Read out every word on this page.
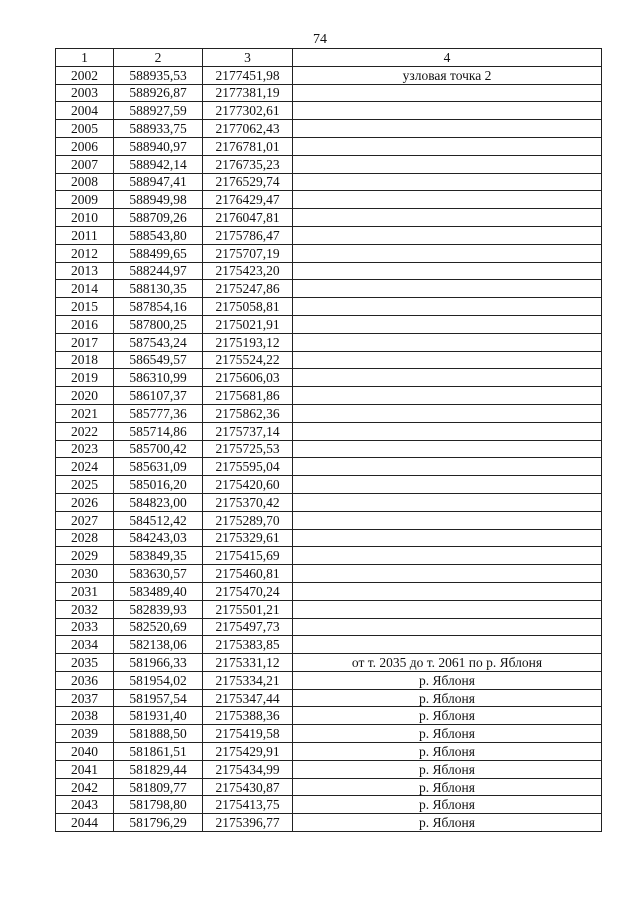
74
1	2	3	4
2002	588935,53	2177451,98	узловая точка 2
2003	588926,87	2177381,19	
2004	588927,59	2177302,61	
2005	588933,75	2177062,43	
2006	588940,97	2176781,01	
2007	588942,14	2176735,23	
2008	588947,41	2176529,74	
2009	588949,98	2176429,47	
2010	588709,26	2176047,81	
2011	588543,80	2175786,47	
2012	588499,65	2175707,19	
2013	588244,97	2175423,20	
2014	588130,35	2175247,86	
2015	587854,16	2175058,81	
2016	587800,25	2175021,91	
2017	587543,24	2175193,12	
2018	586549,57	2175524,22	
2019	586310,99	2175606,03	
2020	586107,37	2175681,86	
2021	585777,36	2175862,36	
2022	585714,86	2175737,14	
2023	585700,42	2175725,53	
2024	585631,09	2175595,04	
2025	585016,20	2175420,60	
2026	584823,00	2175370,42	
2027	584512,42	2175289,70	
2028	584243,03	2175329,61	
2029	583849,35	2175415,69	
2030	583630,57	2175460,81	
2031	583489,40	2175470,24	
2032	582839,93	2175501,21	
2033	582520,69	2175497,73	
2034	582138,06	2175383,85	
2035	581966,33	2175331,12	от т. 2035 до т. 2061 по р. Яблоня
2036	581954,02	2175334,21	р. Яблоня
2037	581957,54	2175347,44	р. Яблоня
2038	581931,40	2175388,36	р. Яблоня
2039	581888,50	2175419,58	р. Яблоня
2040	581861,51	2175429,91	р. Яблоня
2041	581829,44	2175434,99	р. Яблоня
2042	581809,77	2175430,87	р. Яблоня
2043	581798,80	2175413,75	р. Яблоня
2044	581796,29	2175396,77	р. Яблоня
